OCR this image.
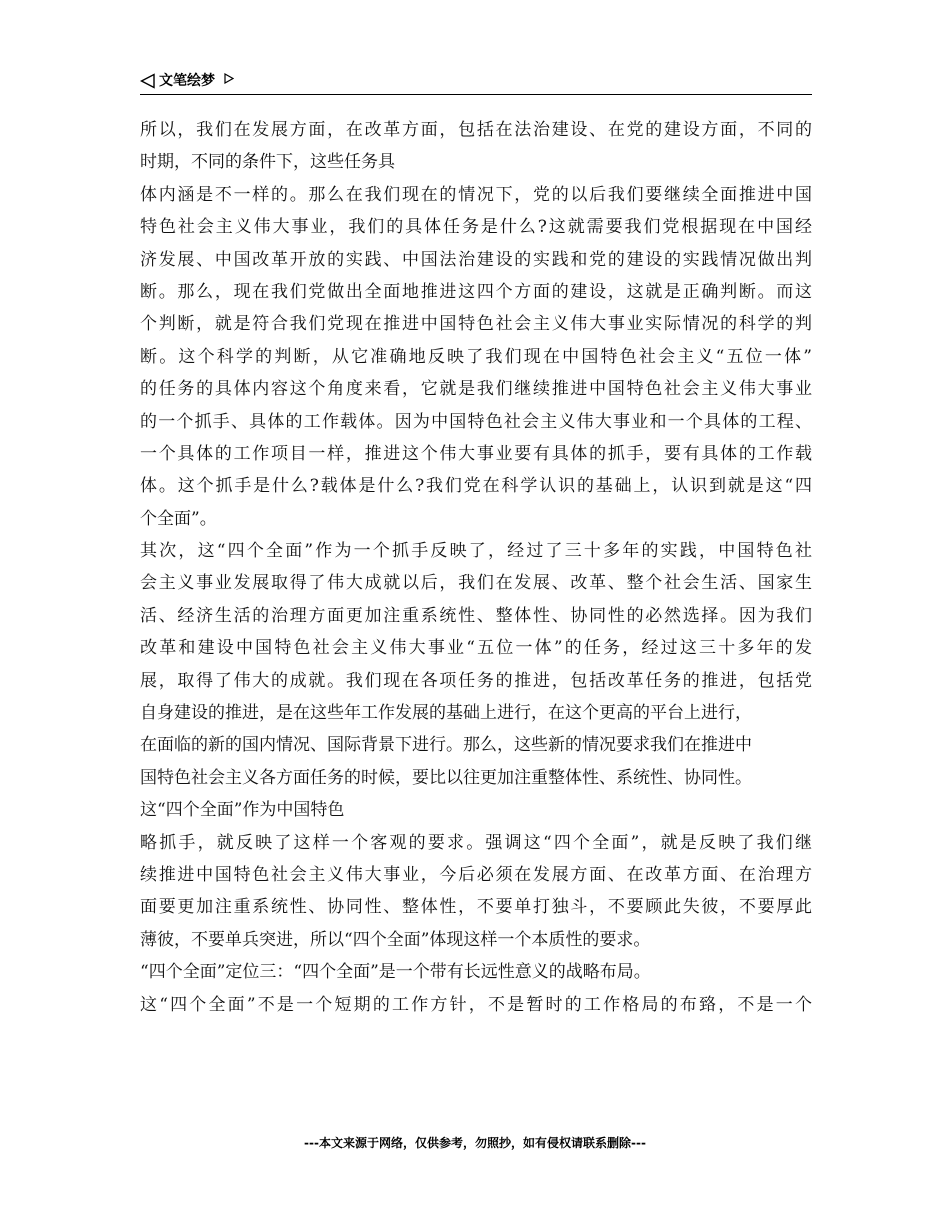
文笔绘梦
所以，我们在发展方面，在改革方面，包括在法治建设、在党的建设方面，不同的
时期，不同的条件下，这些任务具
体内涵是不一样的。那么在我们现在的情况下，党的以后我们要继续全面推进中国
特色社会主义伟大事业，我们的具体任务是什么?这就需要我们党根据现在中国经
济发展、中国改革开放的实践、中国法治建设的实践和党的建设的实践情况做出判
断。那么，现在我们党做出全面地推进这四个方面的建设，这就是正确判断。而这
个判断，就是符合我们党现在推进中国特色社会主义伟大事业实际情况的科学的判
断。这个科学的判断，从它准确地反映了我们现在中国特色社会主义“五位一体”
的任务的具体内容这个角度来看，它就是我们继续推进中国特色社会主义伟大事业
的一个抓手、具体的工作载体。因为中国特色社会主义伟大事业和一个具体的工程、
一个具体的工作项目一样，推进这个伟大事业要有具体的抓手，要有具体的工作载
体。这个抓手是什么?载体是什么?我们党在科学认识的基础上，认识到就是这“四
个全面”。
其次，这“四个全面”作为一个抓手反映了，经过了三十多年的实践，中国特色社
会主义事业发展取得了伟大成就以后，我们在发展、改革、整个社会生活、国家生
活、经济生活的治理方面更加注重系统性、整体性、协同性的必然选择。因为我们
改革和建设中国特色社会主义伟大事业“五位一体”的任务，经过这三十多年的发
展，取得了伟大的成就。我们现在各项任务的推进，包括改革任务的推进，包括党
自身建设的推进，是在这些年工作发展的基础上进行，在这个更高的平台上进行，
在面临的新的国内情况、国际背景下进行。那么，这些新的情况要求我们在推进中
国特色社会主义各方面任务的时候，要比以往更加注重整体性、系统性、协同性。
这“四个全面”作为中国特色
略抓手，就反映了这样一个客观的要求。强调这“四个全面”，就是反映了我们继
续推进中国特色社会主义伟大事业，今后必须在发展方面、在改革方面、在治理方
面要更加注重系统性、协同性、整体性，不要单打独斗，不要顾此失彼，不要厚此
薄彼，不要单兵突进，所以“四个全面”体现这样一个本质性的要求。
“四个全面”定位三：“四个全面”是一个带有长远性意义的战略布局。
这“四个全面”不是一个短期的工作方针，不是暂时的工作格局的布臵，不是一个
---本文来源于网络，仅供参考，勿照抄，如有侵权请联系删除---
